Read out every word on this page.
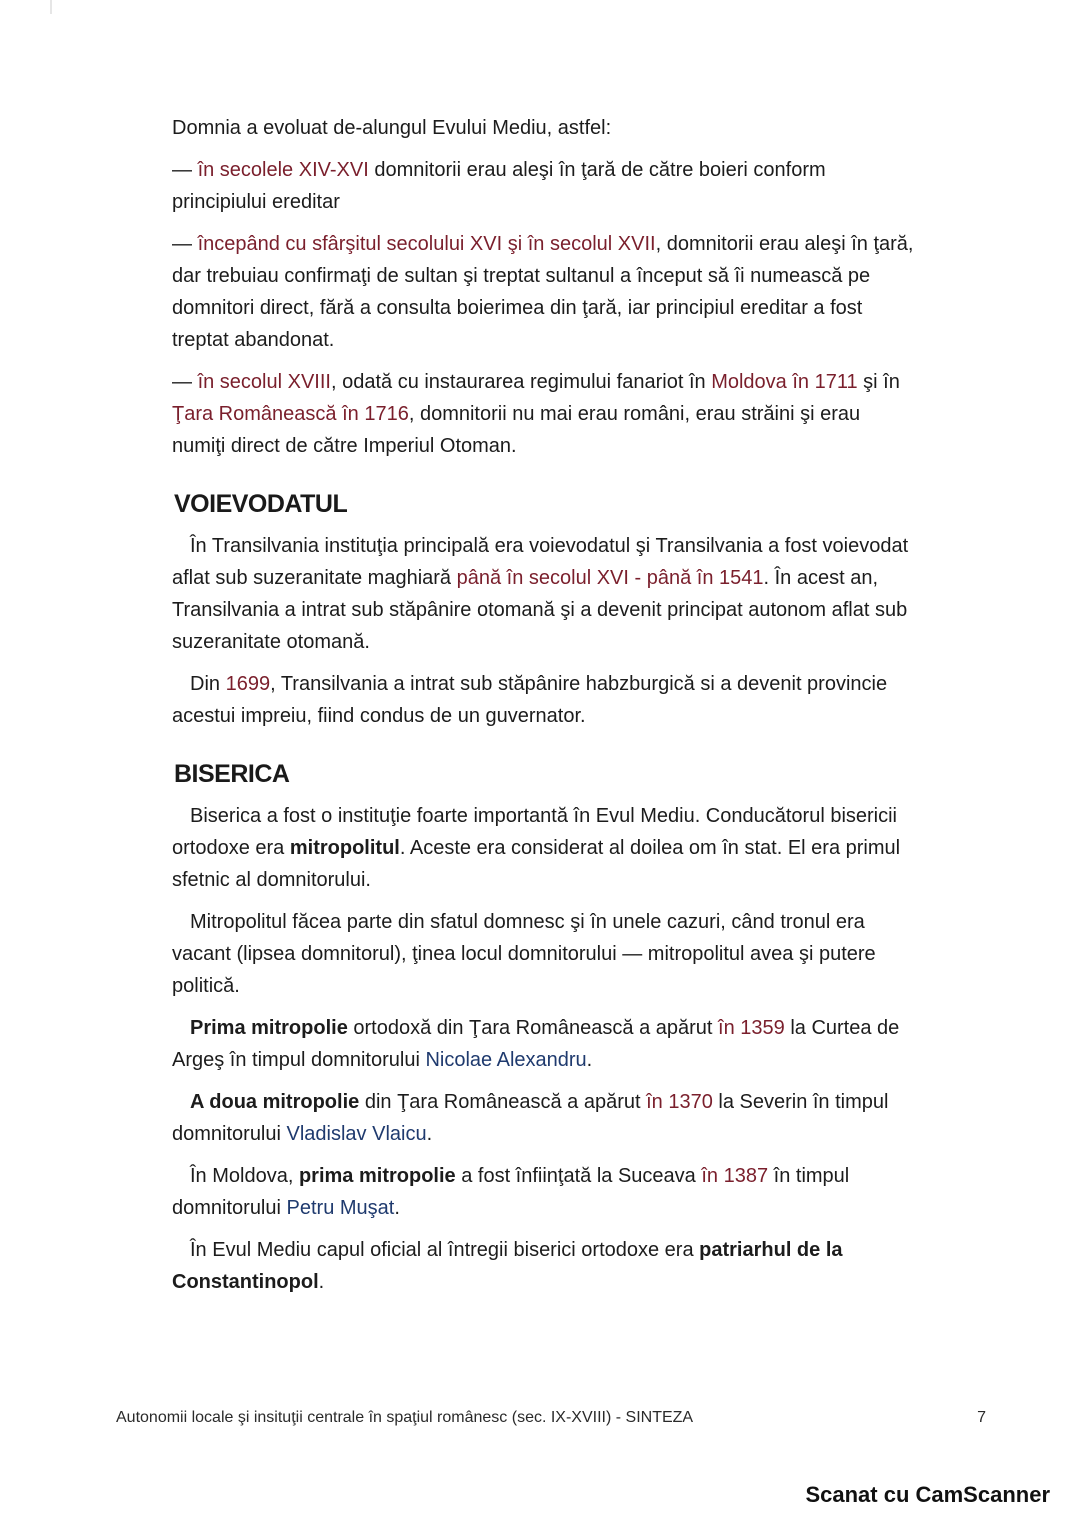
Domnia a evoluat de-alungul Evului Mediu, astfel:

— în secolele XIV-XVI domnitorii erau aleşi în ţară de către boieri conform principiului ereditar

— începând cu sfârşitul secolului XVI şi în secolul XVII, domnitorii erau aleşi în ţară, dar trebuiau confirmaţi de sultan şi treptat sultanul a început să îi numească pe domnitori direct, fără a consulta boierimea din ţară, iar principiul ereditar a fost treptat abandonat.

— în secolul XVIII, odată cu instaurarea regimului fanariot în Moldova în 1711 şi în Ţara Românească în 1716, domnitorii nu mai erau români, erau străini şi erau numiţi direct de către Imperiul Otoman.

VOIEVODATUL

În Transilvania instituţia principală era voievodatul şi Transilvania a fost voievodat aflat sub suzeranitate maghiară până în secolul XVI - până în 1541. În acest an, Transilvania a intrat sub stăpânire otomană şi a devenit principat autonom aflat sub suzeranitate otomană.

Din 1699, Transilvania a intrat sub stăpânire habzburgică si a devenit provincie acestui impreiu, fiind condus de un guvernator.

BISERICA

Biserica a fost o instituţie foarte importantă în Evul Mediu. Conducătorul bisericii ortodoxe era mitropolitul. Aceste era considerat al doilea om în stat. El era primul sfetnic al domnitorului.

Mitropolitul făcea parte din sfatul domnesc şi în unele cazuri, când tronul era vacant (lipsea domnitorul), ţinea locul domnitorului — mitropolitul avea şi putere politică.

Prima mitropolie ortodoxă din Ţara Românească a apărut în 1359 la Curtea de Argeş în timpul domnitorului Nicolae Alexandru.

A doua mitropolie din Ţara Românească a apărut în 1370 la Severin în timpul domnitorului Vladislav Vlaicu.

În Moldova, prima mitropolie a fost înfiinţată la Suceava în 1387 în timpul domnitorului Petru Muşat.

În Evul Mediu capul oficial al întregii biserici ortodoxe era patriarhul de la Constantinopol.

Autonomii locale şi insituţii centrale în spaţiul românesc (sec. IX-XVIII) - SINTEZA	7
Scanat cu CamScanner
